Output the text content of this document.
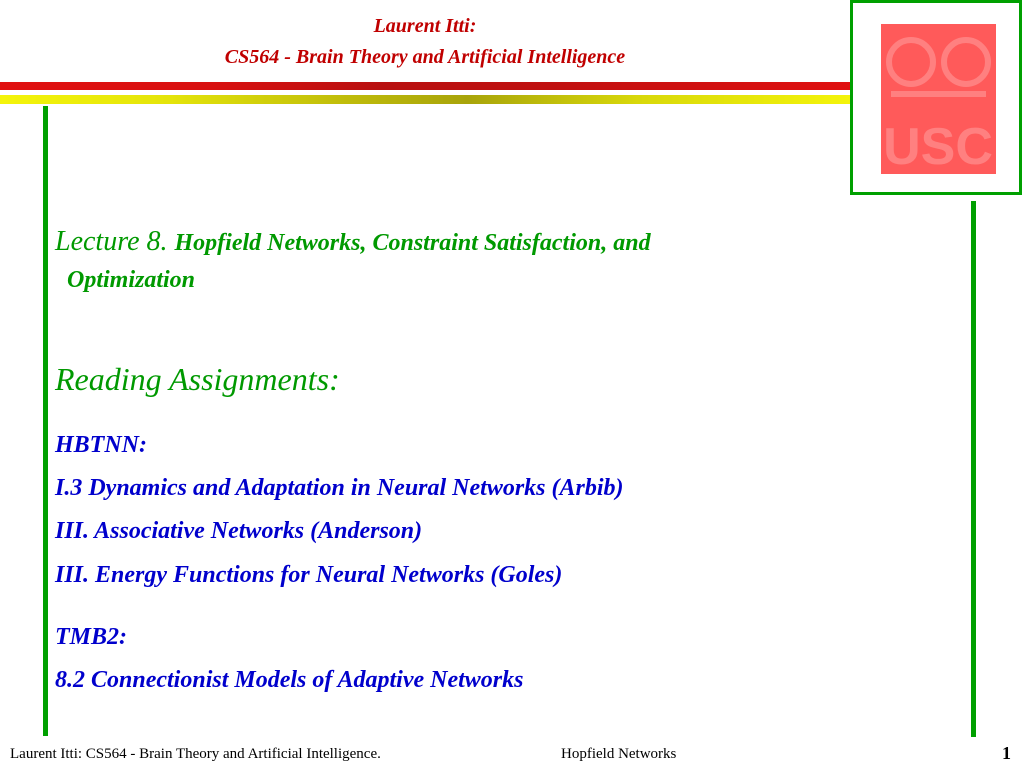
Laurent Itti:
CS564 - Brain Theory and Artificial Intelligence
USC
Lecture 8. Hopfield Networks, Constraint Satisfaction, and
Optimization
Reading Assignments:
HBTNN:
I.3 Dynamics and Adaptation in Neural Networks (Arbib)
III. Associative Networks (Anderson)
III. Energy Functions for Neural Networks (Goles)
TMB2:
8.2 Connectionist Models of Adaptive Networks
Laurent Itti: CS564 - Brain Theory and Artificial Intelligence.	Hopfield Networks	1
